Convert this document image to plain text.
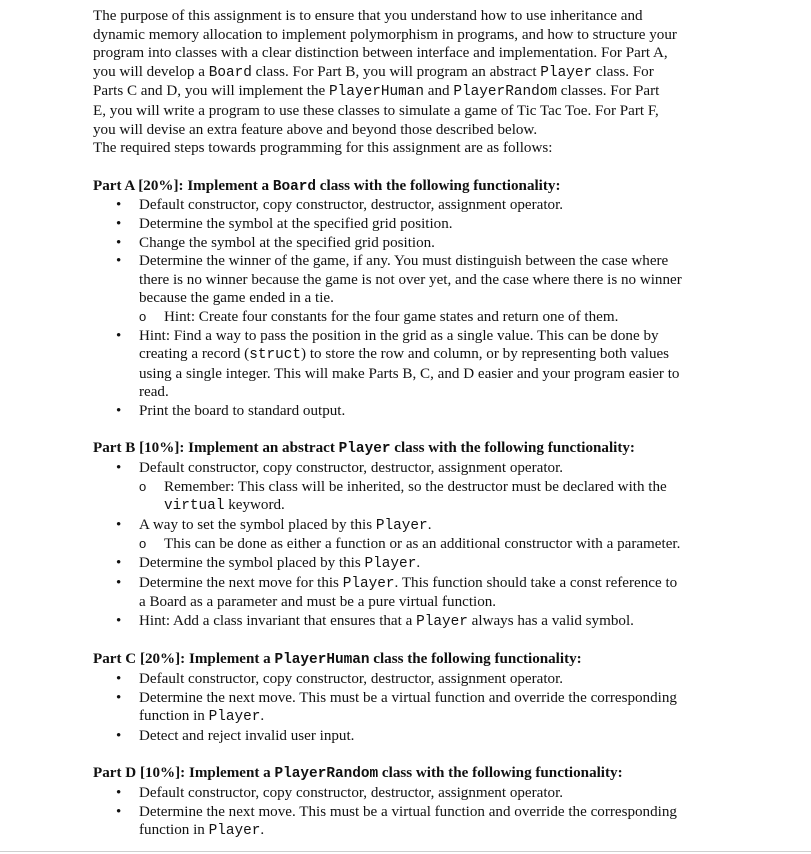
The purpose of this assignment is to ensure that you understand how to use inheritance and

dynamic memory allocation to implement polymorphism in programs, and how to structure your

program into classes with a clear distinction between interface and implementation. For Part A,

you will develop a Board class. For Part B, you will program an abstract Player class. For

Parts C and D, you will implement the PlayerHuman and PlayerRandom classes. For Part

E, you will write a program to use these classes to simulate a game of Tic Tac Toe. For Part F,

you will devise an extra feature above and beyond those described below.

The required steps towards programming for this assignment are as follows:

Part A [20%]: Implement a Board class with the following functionality:

• Default constructor, copy constructor, destructor, assignment operator.
• Determine the symbol at the specified grid position.
• Change the symbol at the specified grid position.
• Determine the winner of the game, if any. You must distinguish between the case where
there is no winner because the game is not over yet, and the case where there is no winner
because the game ended in a tie.
o Hint: Create four constants for the four game states and return one of them.
• Hint: Find a way to pass the position in the grid as a single value. This can be done by
creating a record (struct) to store the row and column, or by representing both values
using a single integer. This will make Parts B, C, and D easier and your program easier to
read.
• Print the board to standard output.

Part B [10%]: Implement an abstract Player class with the following functionality:

• Default constructor, copy constructor, destructor, assignment operator.
o Remember: This class will be inherited, so the destructor must be declared with the
virtual keyword.
• A way to set the symbol placed by this Player.
o This can be done as either a function or as an additional constructor with a parameter.
• Determine the symbol placed by this Player.
• Determine the next move for this Player. This function should take a const reference to
a Board as a parameter and must be a pure virtual function.
• Hint: Add a class invariant that ensures that a Player always has a valid symbol.

Part C [20%]: Implement a PlayerHuman class the following functionality:

• Default constructor, copy constructor, destructor, assignment operator.
• Determine the next move. This must be a virtual function and override the corresponding
function in Player.
• Detect and reject invalid user input.

Part D [10%]: Implement a PlayerRandom class with the following functionality:

• Default constructor, copy constructor, destructor, assignment operator.
• Determine the next move. This must be a virtual function and override the corresponding
function in Player.
